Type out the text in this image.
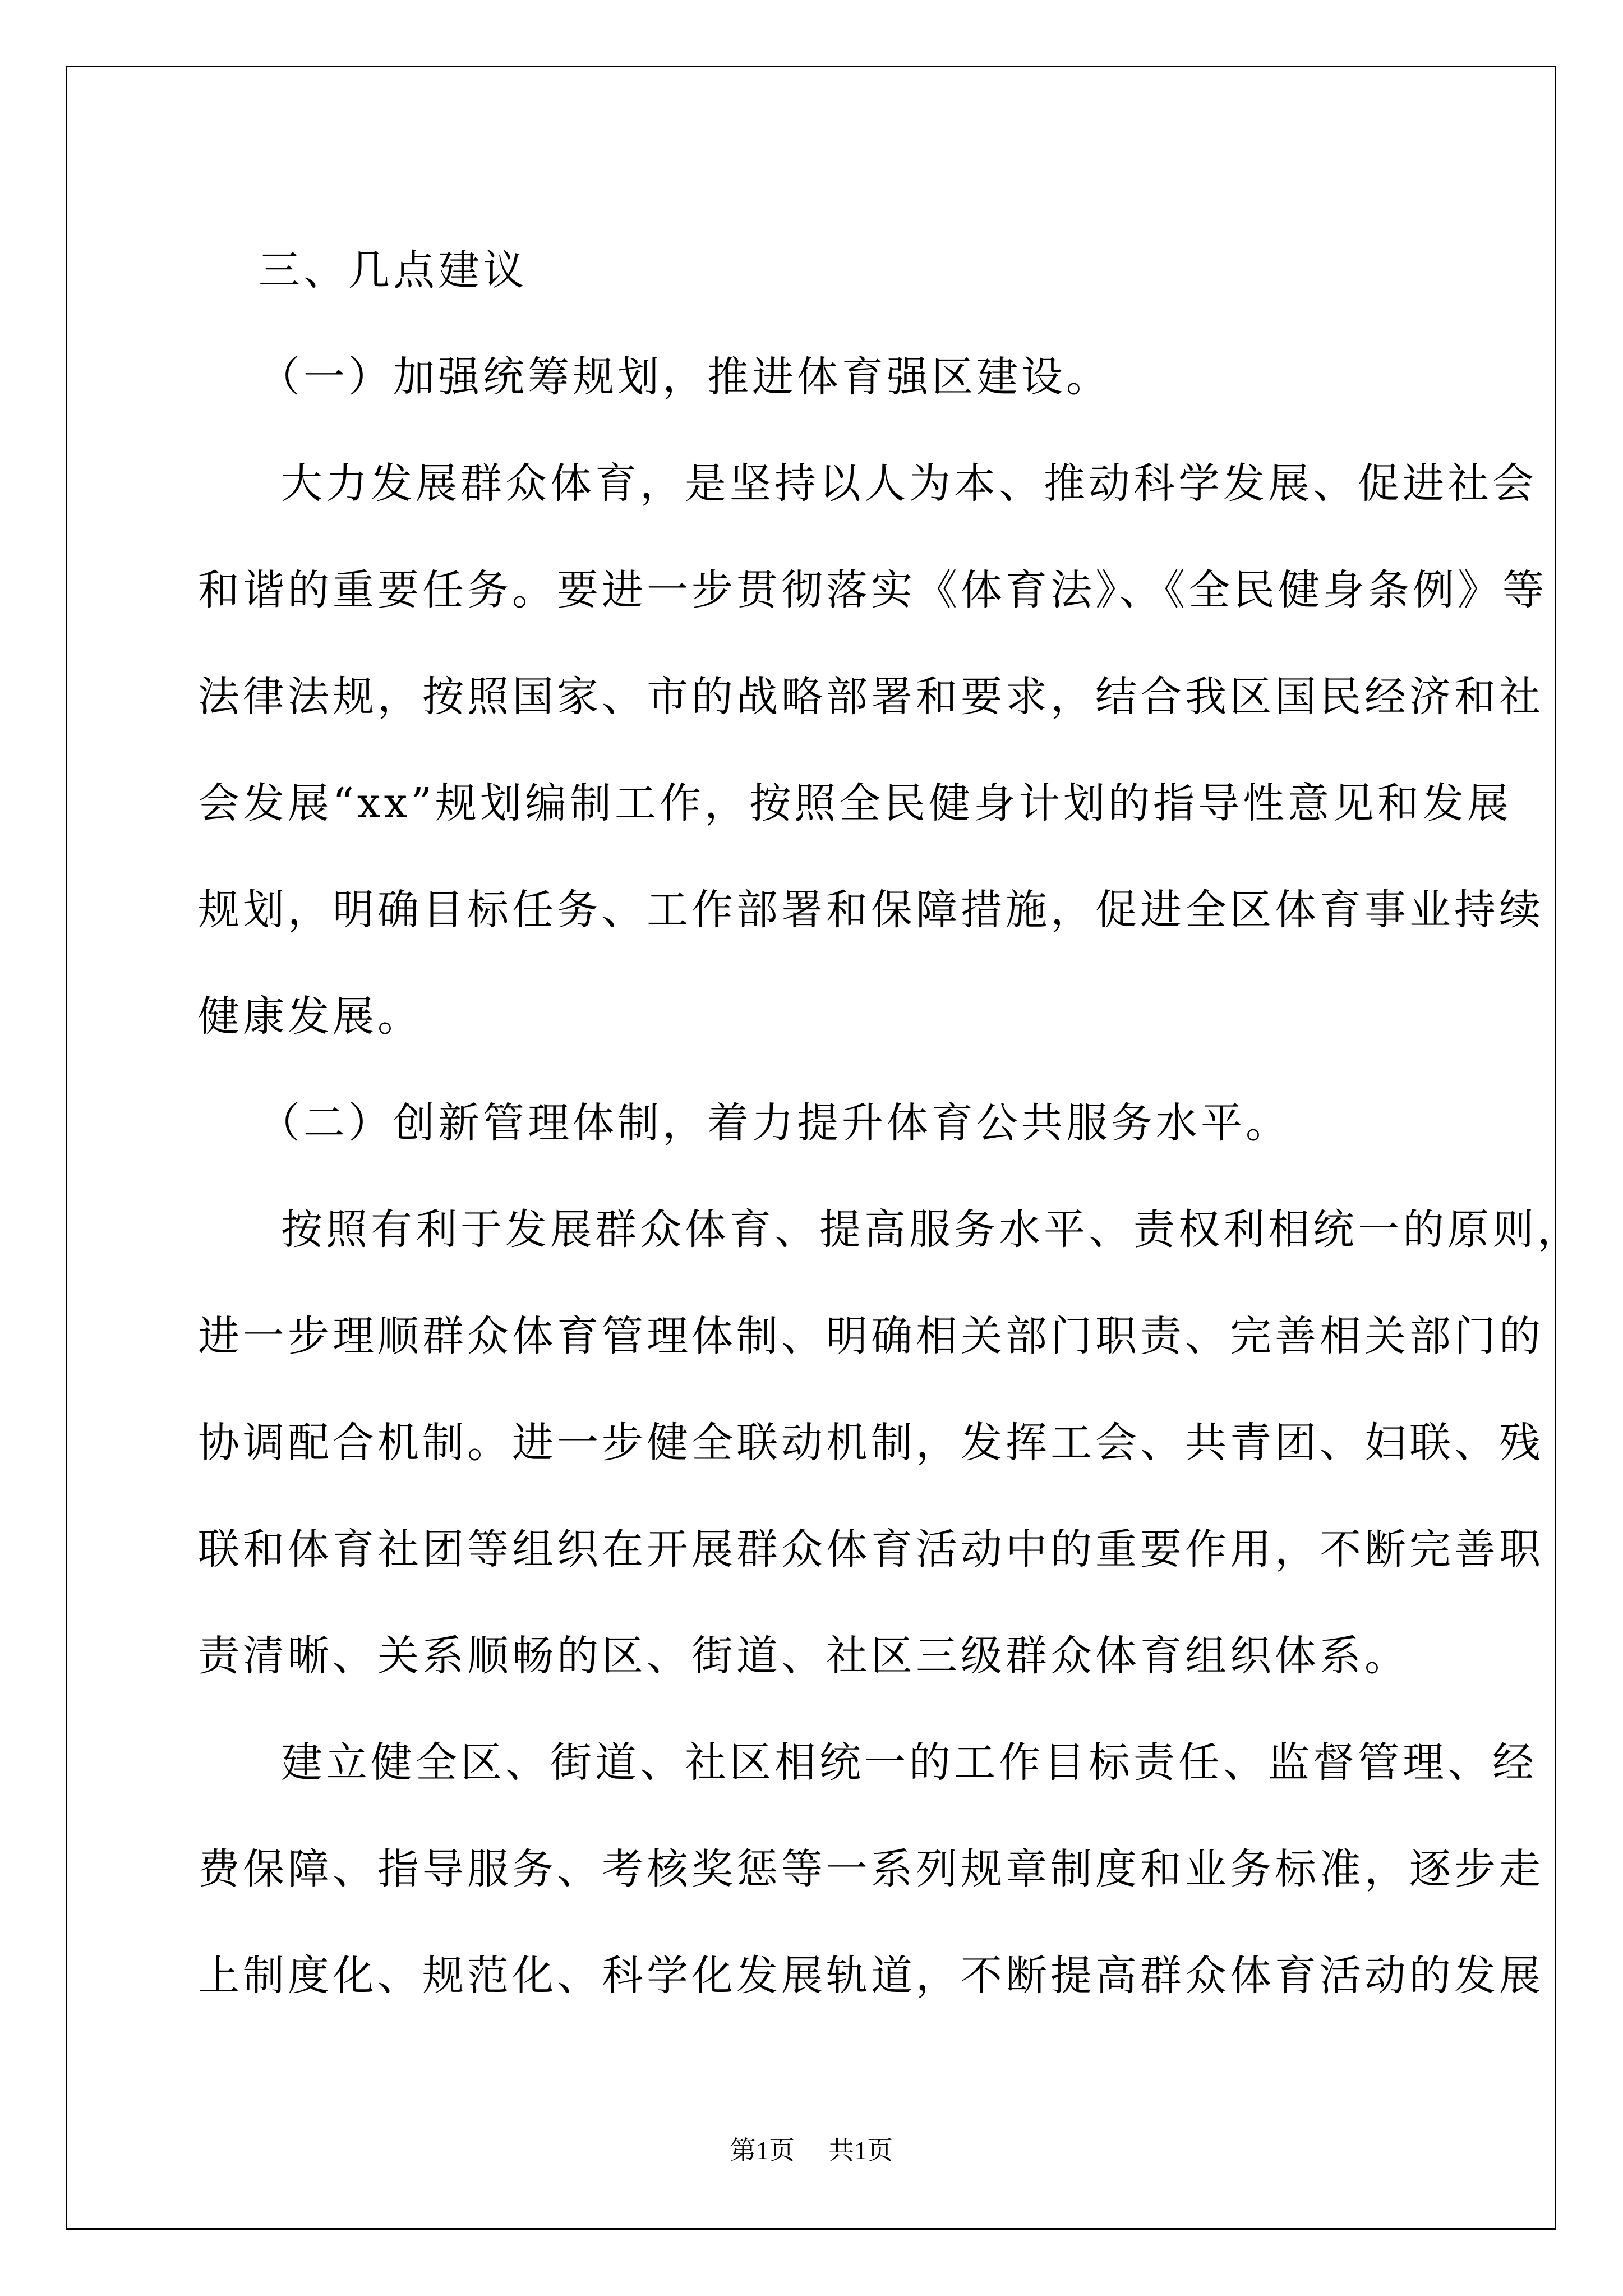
三、几点建议
（一）加强统筹规划，推进体育强区建设。
大力发展群众体育，是坚持以人为本、推动科学发展、促进社会
和谐的重要任务。要进一步贯彻落实《体育法》、《全民健身条例》等
法律法规，按照国家、市的战略部署和要求，结合我区国民经济和社
会发展“xx”规划编制工作，按照全民健身计划的指导性意见和发展
规划，明确目标任务、工作部署和保障措施，促进全区体育事业持续
健康发展。
（二）创新管理体制，着力提升体育公共服务水平。
按照有利于发展群众体育、提高服务水平、责权利相统一的原则，
进一步理顺群众体育管理体制、明确相关部门职责、完善相关部门的
协调配合机制。进一步健全联动机制，发挥工会、共青团、妇联、残
联和体育社团等组织在开展群众体育活动中的重要作用，不断完善职
责清晰、关系顺畅的区、街道、社区三级群众体育组织体系。
建立健全区、街道、社区相统一的工作目标责任、监督管理、经
费保障、指导服务、考核奖惩等一系列规章制度和业务标准，逐步走
上制度化、规范化、科学化发展轨道，不断提高群众体育活动的发展
第1页 共1页
